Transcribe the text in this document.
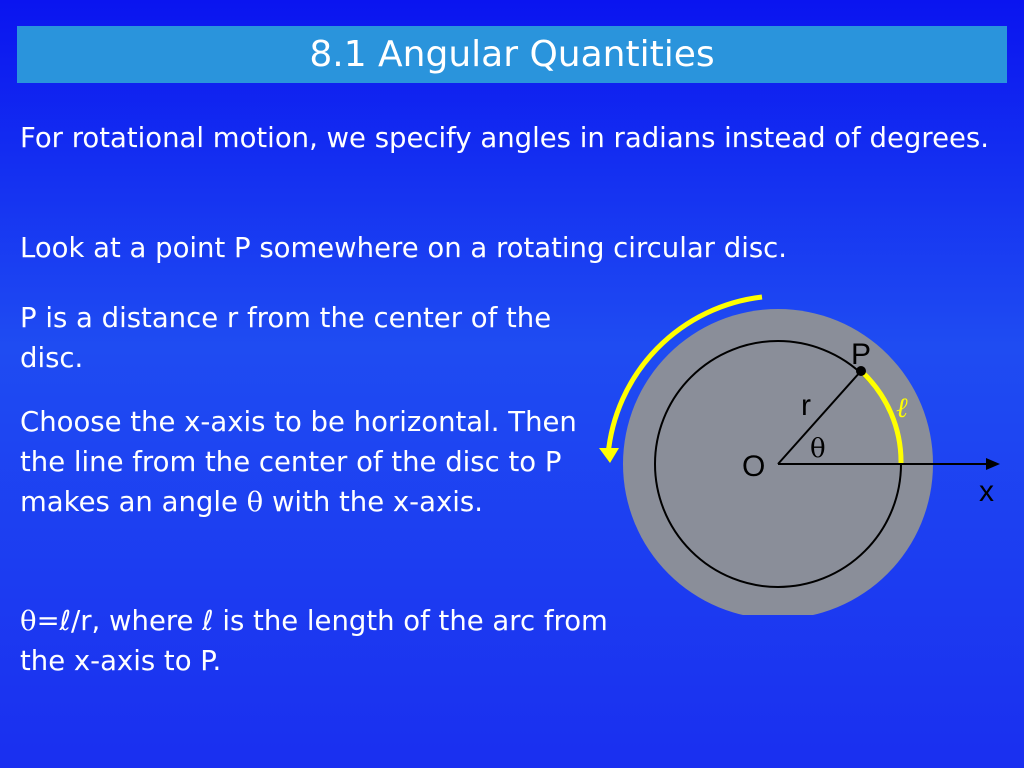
8.1 Angular Quantities

For rotational motion, we specify angles in radians instead of degrees.

Look at a point P somewhere on a rotating circular disc.

P is a distance r from the center of the disc.

Choose the x-axis to be horizontal. Then the line from the center of the disc to P makes an angle θ with the x-axis.

θ=ℓ/r, where ℓ is the length of the arc from the x-axis to P.

P
r
θ
O
x
ℓ
